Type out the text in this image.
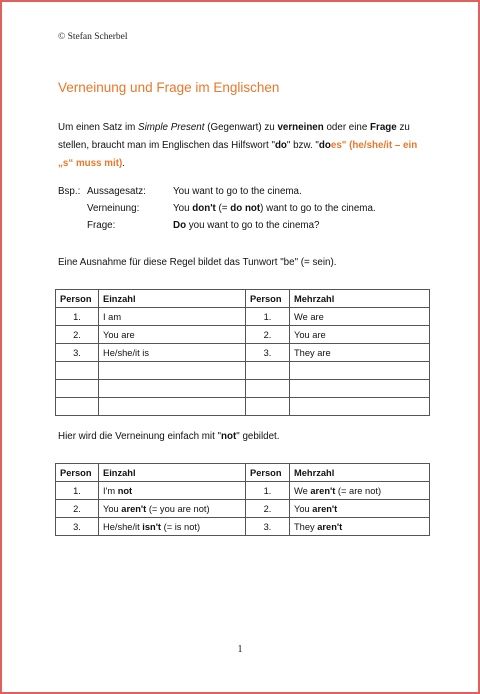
© Stefan Scherbel
Verneinung und Frage im Englischen

Um einen Satz im Simple Present (Gegenwart) zu verneinen oder eine Frage zu stellen, braucht man im Englischen das Hilfswort "do" bzw. "does" (he/she/it – ein „s“ muss mit).

Bsp.: Aussagesatz:	You want to go to the cinema.
Verneinung:	You don't (= do not) want to go to the cinema.
Frage:	Do you want to go to the cinema?

Eine Ausnahme für diese Regel bildet das Tunwort "be" (= sein).

Person	Einzahl	Person	Mehrzahl
1.	I am	1.	We are
2.	You are	2.	You are
3.	He/she/it is	3.	They are

Hier wird die Verneinung einfach mit "not" gebildet.

Person	Einzahl	Person	Mehrzahl
1.	I'm not	1.	We aren't (= are not)
2.	You aren't (= you are not)	2.	You aren't
3.	He/she/it isn't (= is not)	3.	They aren't
1
